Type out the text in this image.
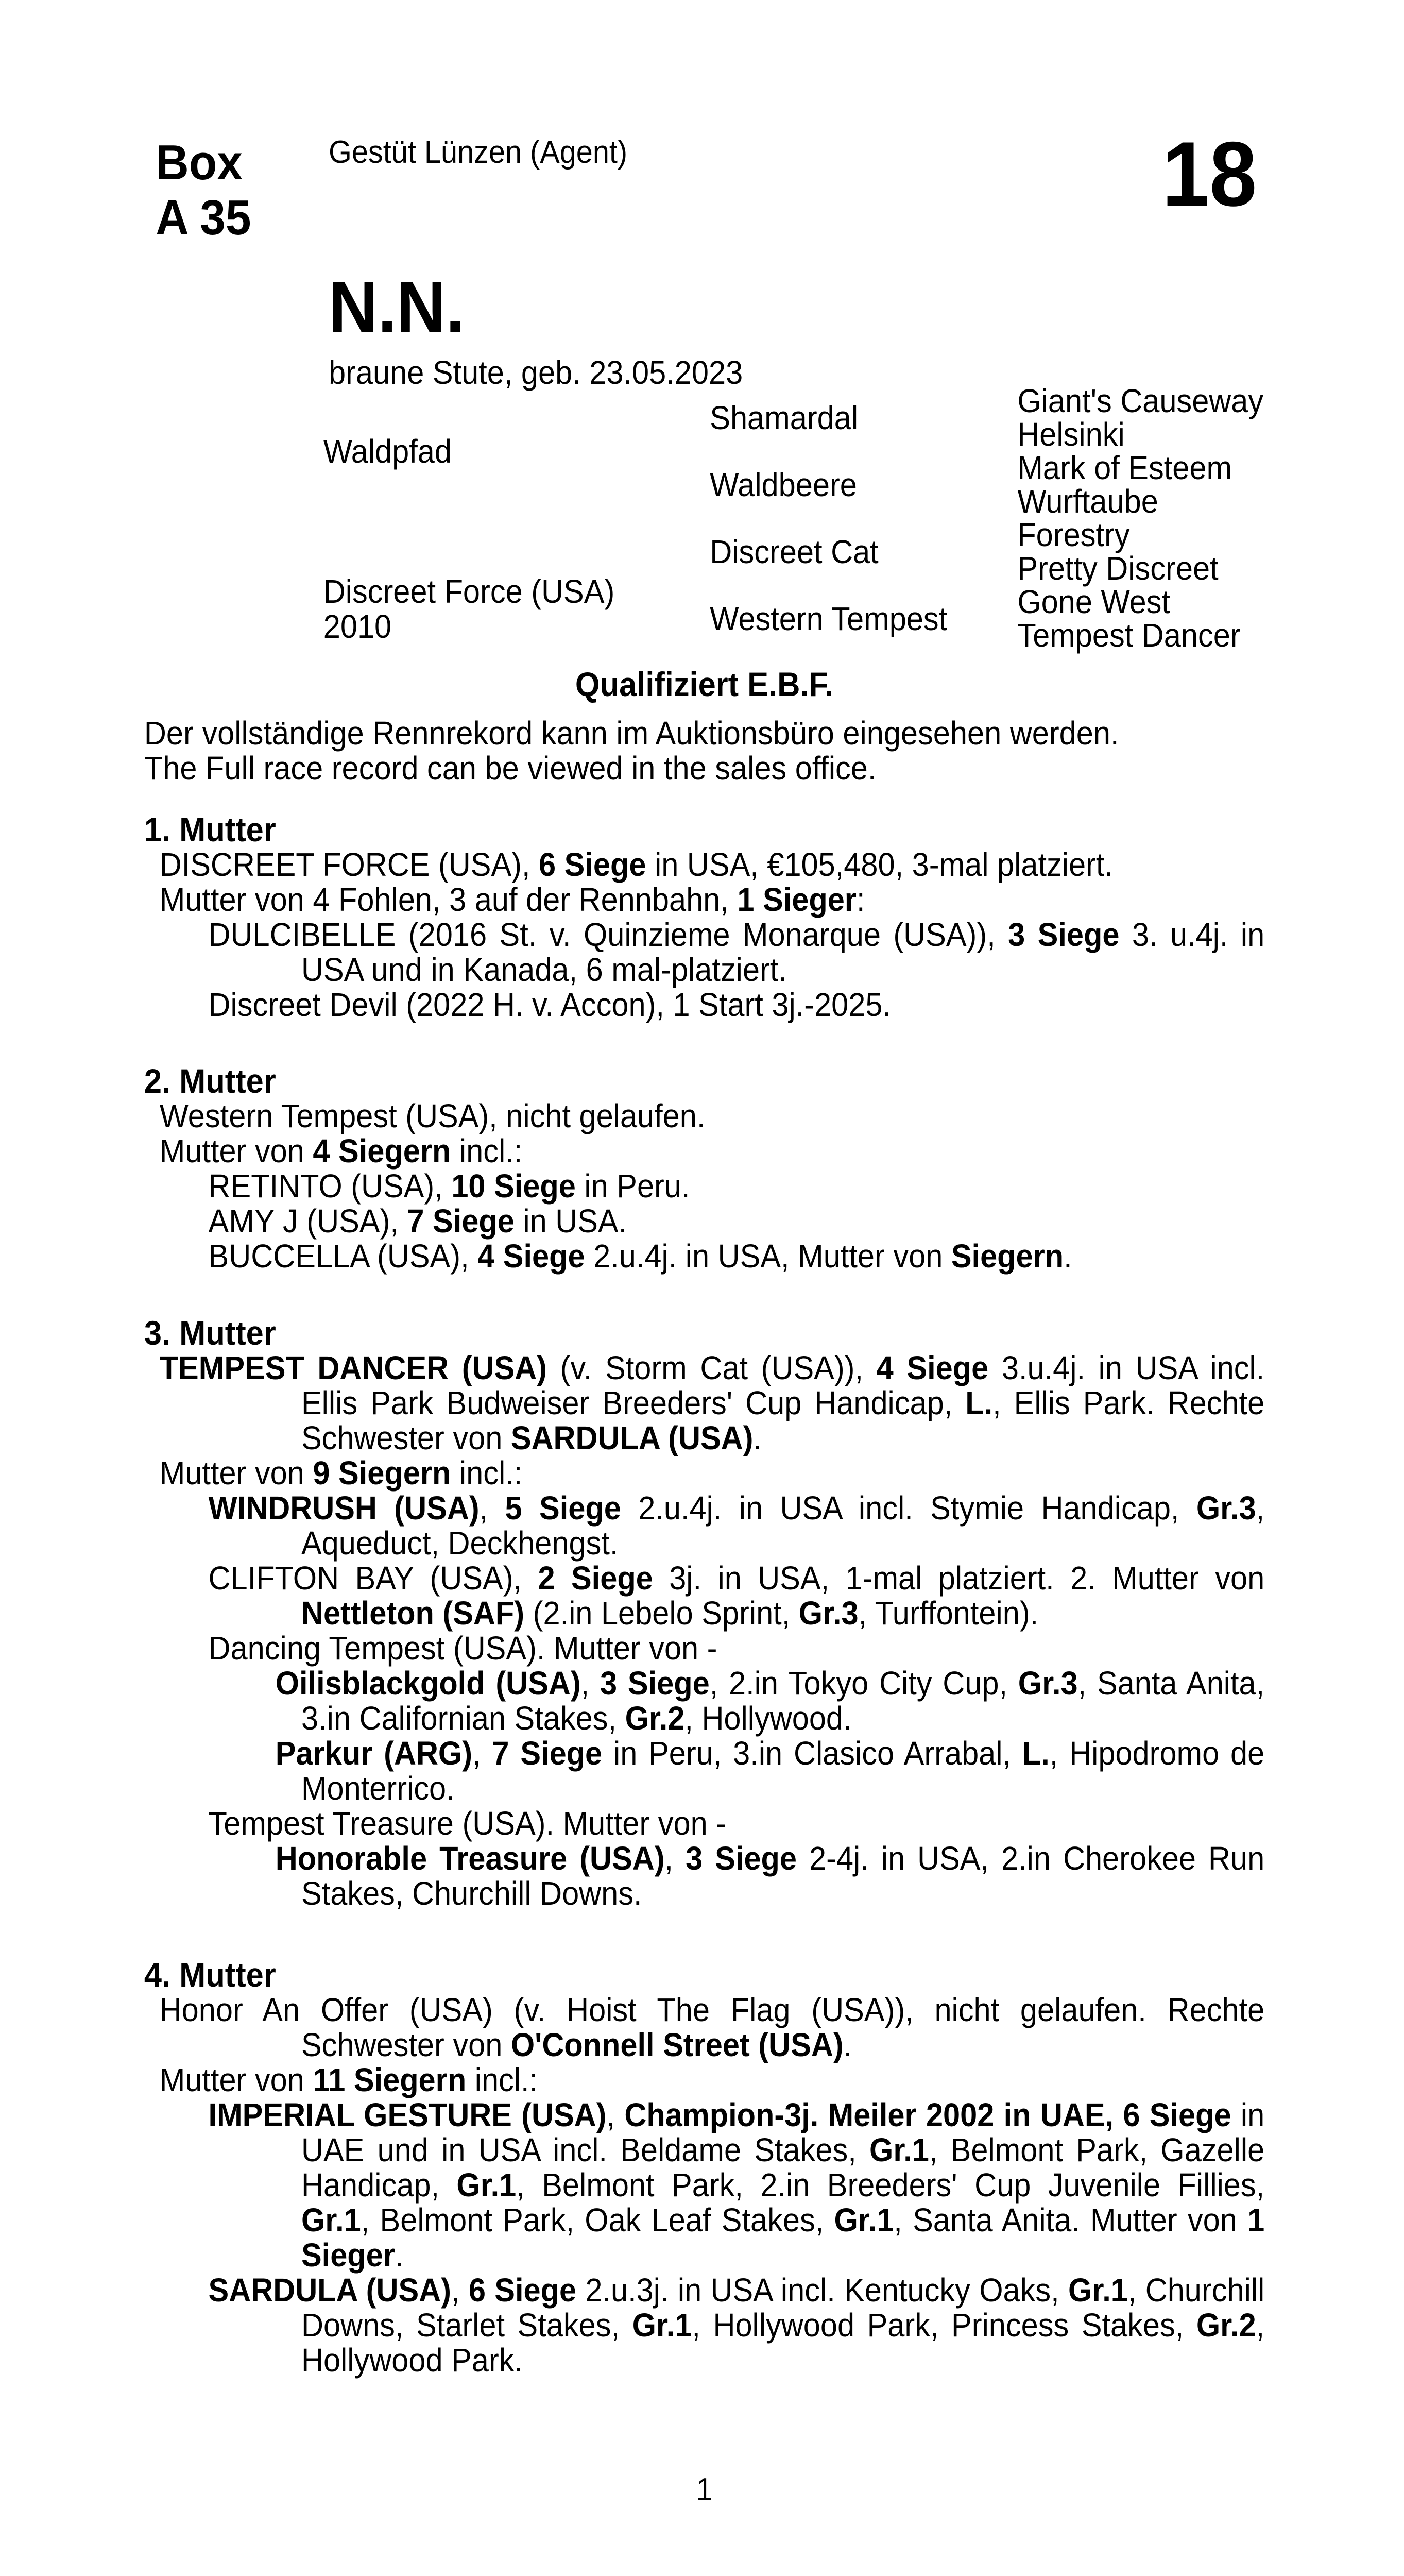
Box
A 35
Gestüt Lünzen (Agent)	18
N.N.
braune Stute, geb. 23.05.2023
Waldpfad
Discreet Force (USA)
2010
Shamardal
Waldbeere
Discreet Cat
Western Tempest
Giant's Causeway
Helsinki
Mark of Esteem
Wurftaube
Forestry
Pretty Discreet
Gone West
Tempest Dancer
Qualifiziert E.B.F.
Der vollständige Rennrekord kann im Auktionsbüro eingesehen werden.
The Full race record can be viewed in the sales office.
1. Mutter
DISCREET FORCE (USA), 6 Siege in USA, €105,480, 3-mal platziert.
Mutter von 4 Fohlen, 3 auf der Rennbahn, 1 Sieger:
DULCIBELLE (2016 St. v. Quinzieme Monarque (USA)), 3 Siege 3. u.4j. in USA und in Kanada, 6 mal-platziert.
Discreet Devil (2022 H. v. Accon), 1 Start 3j.-2025.
2. Mutter
Western Tempest (USA), nicht gelaufen.
Mutter von 4 Siegern incl.:
RETINTO (USA), 10 Siege in Peru.
AMY J (USA), 7 Siege in USA.
BUCCELLA (USA), 4 Siege 2.u.4j. in USA, Mutter von Siegern.
3. Mutter
TEMPEST DANCER (USA) (v. Storm Cat (USA)), 4 Siege 3.u.4j. in USA incl. Ellis Park Budweiser Breeders' Cup Handicap, L., Ellis Park. Rechte Schwester von SARDULA (USA).
Mutter von 9 Siegern incl.:
WINDRUSH (USA), 5 Siege 2.u.4j. in USA incl. Stymie Handicap, Gr.3, Aqueduct, Deckhengst.
CLIFTON BAY (USA), 2 Siege 3j. in USA, 1-mal platziert. 2. Mutter von Nettleton (SAF) (2.in Lebelo Sprint, Gr.3, Turffontein).
Dancing Tempest (USA). Mutter von -
Oilisblackgold (USA), 3 Siege, 2.in Tokyo City Cup, Gr.3, Santa Anita, 3.in Californian Stakes, Gr.2, Hollywood.
Parkur (ARG), 7 Siege in Peru, 3.in Clasico Arrabal, L., Hipodromo de Monterrico.
Tempest Treasure (USA). Mutter von -
Honorable Treasure (USA), 3 Siege 2-4j. in USA, 2.in Cherokee Run Stakes, Churchill Downs.
4. Mutter
Honor An Offer (USA) (v. Hoist The Flag (USA)), nicht gelaufen. Rechte Schwester von O'Connell Street (USA).
Mutter von 11 Siegern incl.:
IMPERIAL GESTURE (USA), Champion-3j. Meiler 2002 in UAE, 6 Siege in UAE und in USA incl. Beldame Stakes, Gr.1, Belmont Park, Gazelle Handicap, Gr.1, Belmont Park, 2.in Breeders' Cup Juvenile Fillies, Gr.1, Belmont Park, Oak Leaf Stakes, Gr.1, Santa Anita. Mutter von 1 Sieger.
SARDULA (USA), 6 Siege 2.u.3j. in USA incl. Kentucky Oaks, Gr.1, Churchill Downs, Starlet Stakes, Gr.1, Hollywood Park, Princess Stakes, Gr.2, Hollywood Park.
1
